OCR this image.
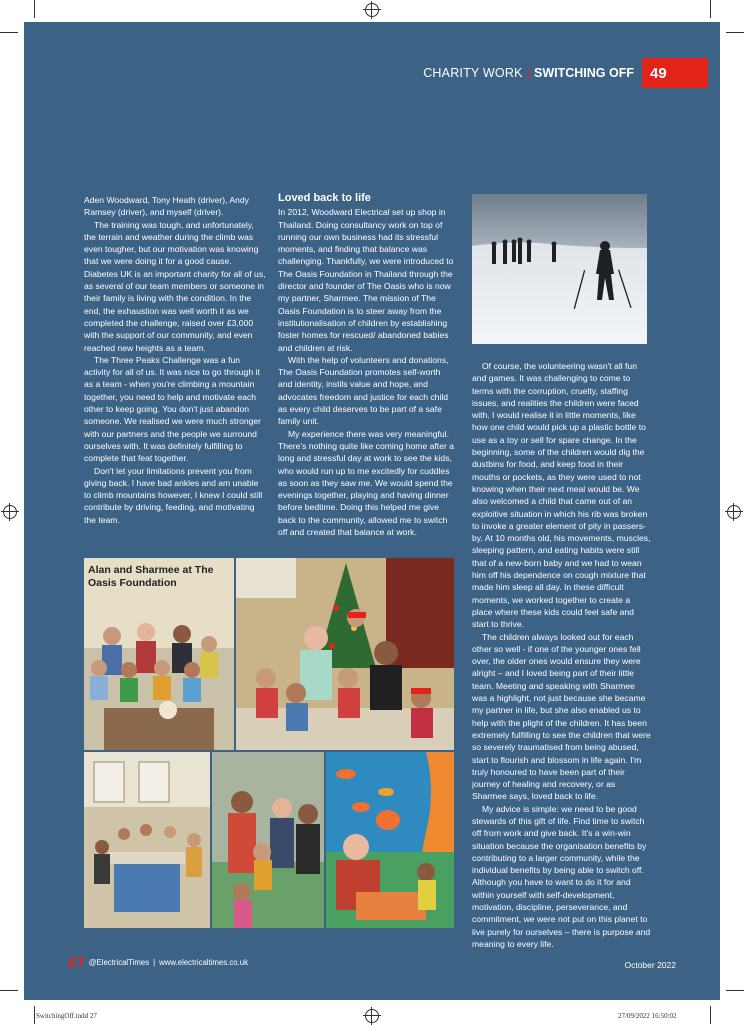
CHARITY WORK | SWITCHING OFF	49

Aden Woodward, Tony Heath (driver), Andy Ramsey (driver), and myself (driver).

The training was tough, and unfortunately, the terrain and weather during the climb was even tougher, but our motivation was knowing that we were doing it for a good cause. Diabetes UK is an important charity for all of us, as several of our team members or someone in their family is living with the condition. In the end, the exhaustion was well worth it as we completed the challenge, raised over £3,000 with the support of our community, and even reached new heights as a team.

The Three Peaks Challenge was a fun activity for all of us. It was nice to go through it as a team - when you're climbing a mountain together, you need to help and motivate each other to keep going. You don't just abandon someone. We realised we were much stronger with our partners and the people we surround ourselves with. It was definitely fulfilling to complete that feat together.

Don't let your limitations prevent you from giving back. I have bad ankles and am unable to climb mountains however, I knew I could still contribute by driving, feeding, and motivating the team.

Loved back to life

In 2012, Woodward Electrical set up shop in Thailand. Doing consultancy work on top of running our own business had its stressful moments, and finding that balance was challenging. Thankfully, we were introduced to The Oasis Foundation in Thailand through the director and founder of The Oasis who is now my partner, Sharmee. The mission of The Oasis Foundation is to steer away from the institutionalisation of children by establishing foster homes for rescued/ abandoned babies and children at risk.

With the help of volunteers and donations, The Oasis Foundation promotes self-worth and identity, instils value and hope, and advocates freedom and justice for each child as every child deserves to be part of a safe family unit.

My experience there was very meaningful. There's nothing quite like coming home after a long and stressful day at work to see the kids, who would run up to me excitedly for cuddles as soon as they saw me. We would spend the evenings together, playing and having dinner before bedtime. Doing this helped me give back to the community, allowed me to switch off and created that balance at work.

Of course, the volunteering wasn't all fun and games. It was challenging to come to terms with the corruption, cruelty, staffing issues, and realities the children were faced with. I would realise it in little moments, like how one child would pick up a plastic bottle to use as a toy or sell for spare change. In the beginning, some of the children would dig the dustbins for food, and keep food in their mouths or pockets, as they were used to not knowing when their next meal would be. We also welcomed a child that came out of an exploitive situation in which his rib was broken to invoke a greater element of pity in passers-by. At 10 months old, his movements, muscles, sleeping pattern, and eating habits were still that of a new-born baby and we had to wean him off his dependence on cough mixture that made him sleep all day. In these difficult moments, we worked together to create a place where these kids could feel safe and start to thrive.

The children always looked out for each other so well - if one of the younger ones fell over, the older ones would ensure they were alright – and I loved being part of their little team. Meeting and speaking with Sharmee was a highlight, not just because she became my partner in life, but she also enabled us to help with the plight of the children. It has been extremely fulfilling to see the children that were so severely traumatised from being abused, start to flourish and blossom in life again. I'm truly honoured to have been part of their journey of healing and recovery, or as Sharmee says, loved back to life.

My advice is simple: we need to be good stewards of this gift of life. Find time to switch off from work and give back. It's a win-win situation because the organisation benefits by contributing to a larger community, while the individual benefits by being able to switch off. Although you have to want to do it for and within yourself with self-development, motivation, discipline, perseverance, and commitment, we were not put on this planet to live purely for ourselves – there is purpose and meaning to every life.

Alan and Sharmee at The Oasis Foundation
ET @ElectricalTimes | www.electricaltimes.co.uk	October 2022
SwitchingOff.indd 27	27/09/2022 16:50:02
